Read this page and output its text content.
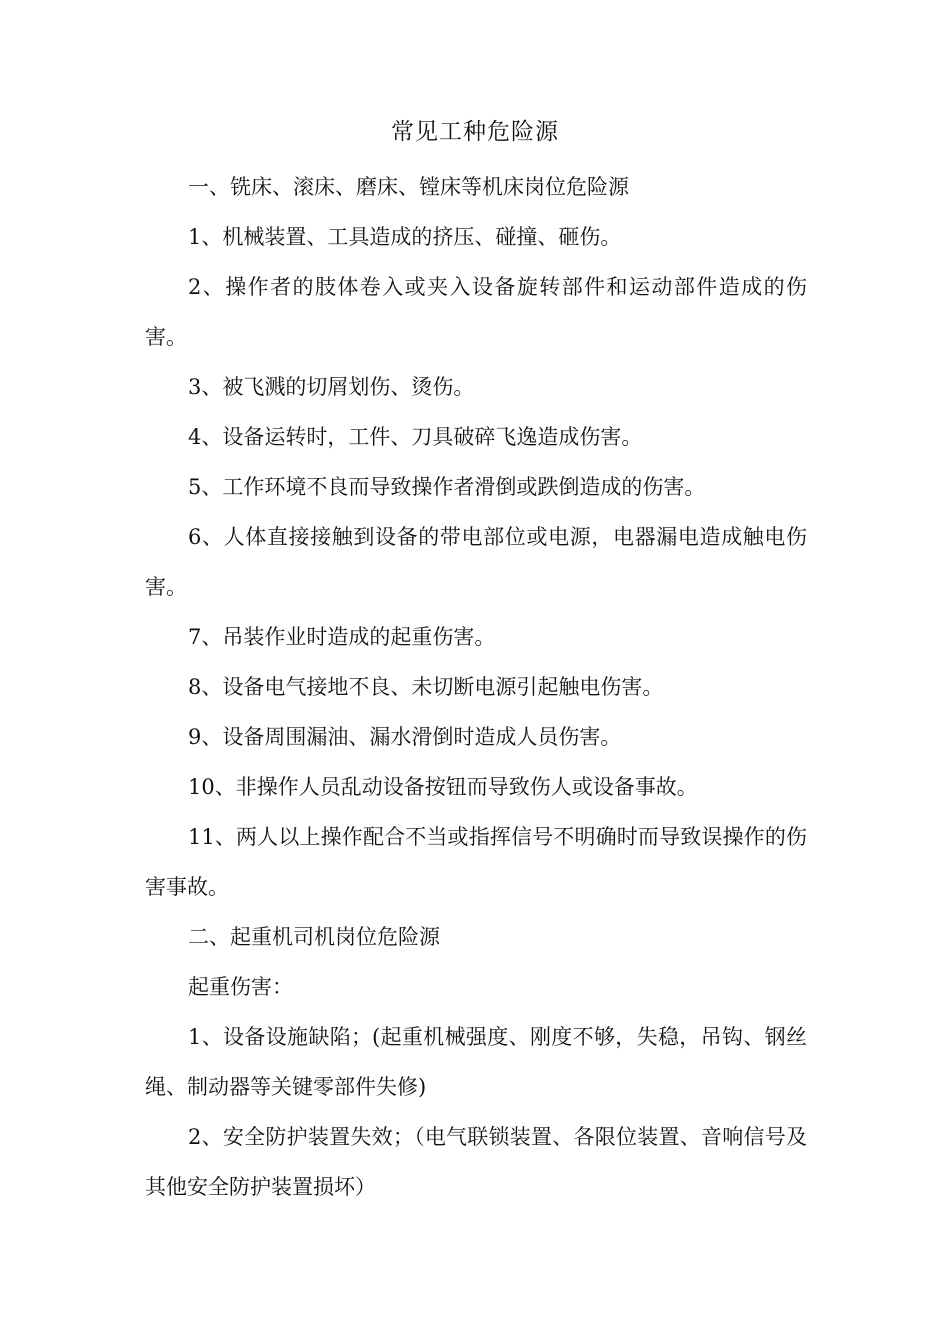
常见工种危险源

一、铣床、滚床、磨床、镗床等机床岗位危险源

1、机械装置、工具造成的挤压、碰撞、砸伤。

2、操作者的肢体卷入或夹入设备旋转部件和运动部件造成的伤害。

3、被飞溅的切屑划伤、烫伤。

4、设备运转时，工件、刀具破碎飞逸造成伤害。

5、工作环境不良而导致操作者滑倒或跌倒造成的伤害。

6、人体直接接触到设备的带电部位或电源，电器漏电造成触电伤害。

7、吊装作业时造成的起重伤害。

8、设备电气接地不良、未切断电源引起触电伤害。

9、设备周围漏油、漏水滑倒时造成人员伤害。

10、非操作人员乱动设备按钮而导致伤人或设备事故。

11、两人以上操作配合不当或指挥信号不明确时而导致误操作的伤害事故。

二、起重机司机岗位危险源

起重伤害：

1、设备设施缺陷；(起重机械强度、刚度不够，失稳，吊钩、钢丝绳、制动器等关键零部件失修)

2、安全防护装置失效；（电气联锁装置、各限位装置、音响信号及其他安全防护装置损坏）
